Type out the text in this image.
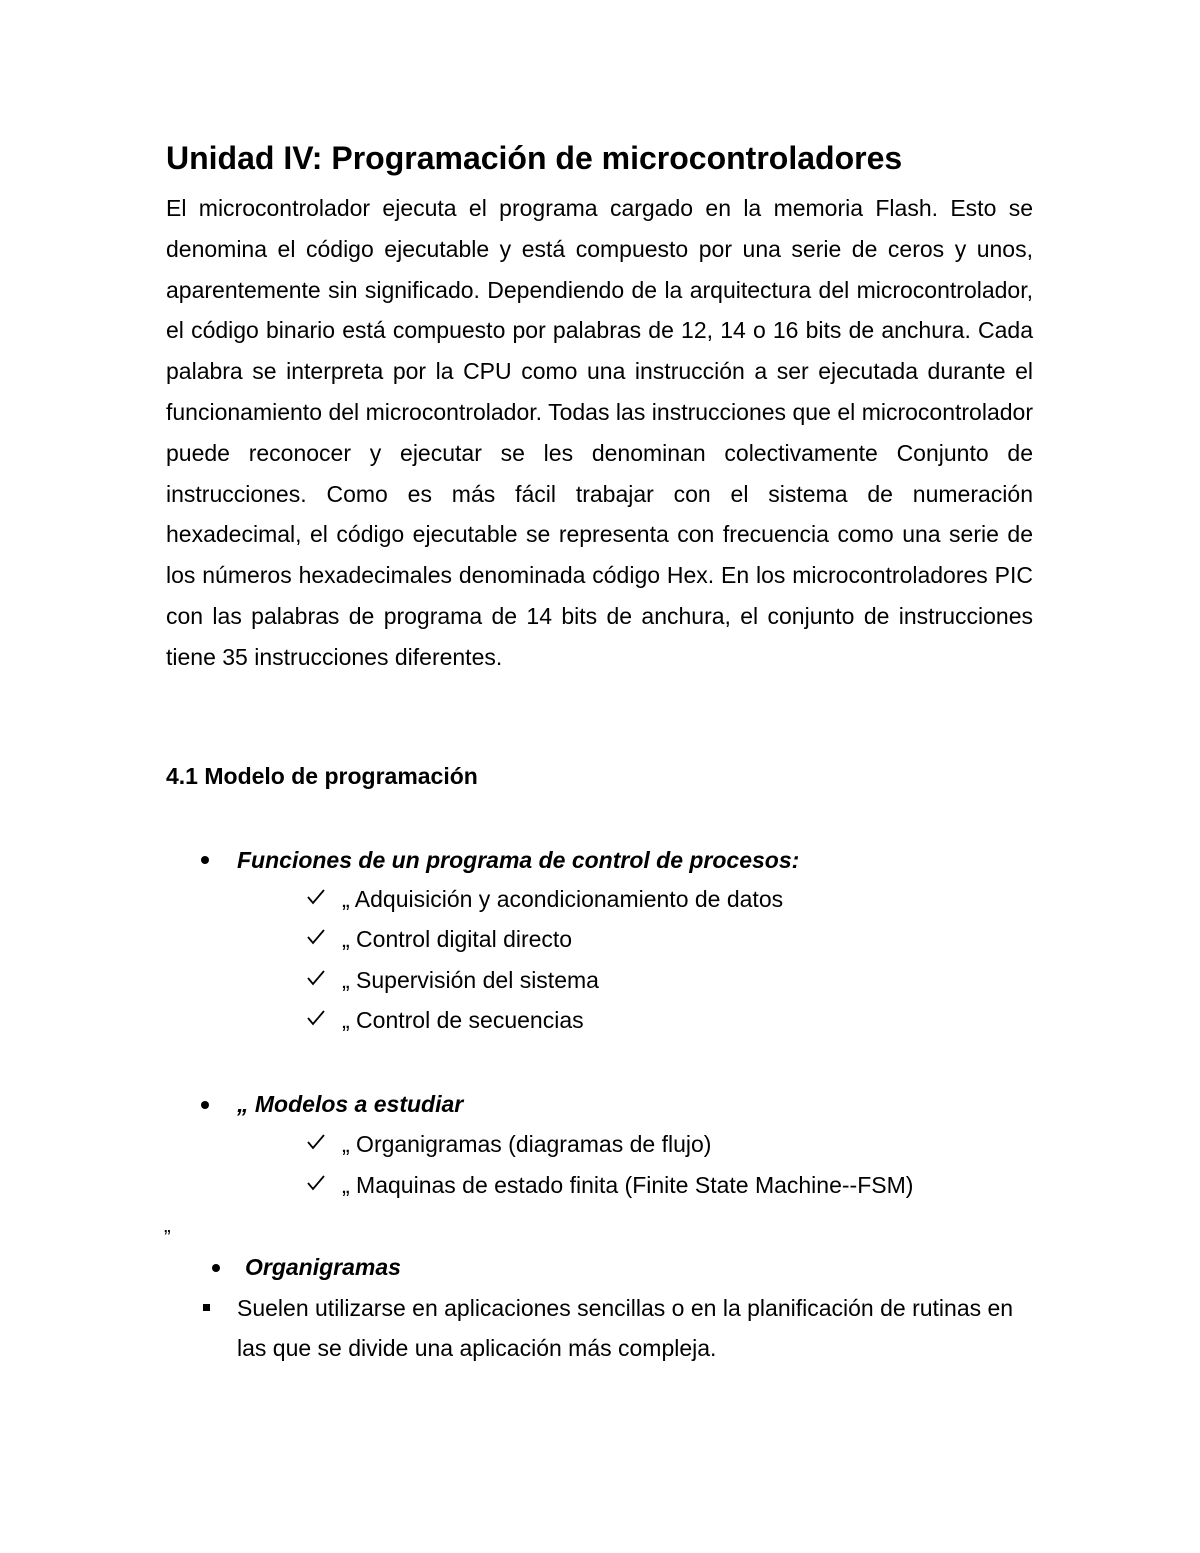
Unidad IV: Programación de microcontroladores

El microcontrolador ejecuta el programa cargado en la memoria Flash. Esto se denomina el código ejecutable y está compuesto por una serie de ceros y unos, aparentemente sin significado. Dependiendo de la arquitectura del microcontrolador, el código binario está compuesto por palabras de 12, 14 o 16 bits de anchura. Cada palabra se interpreta por la CPU como una instrucción a ser ejecutada durante el funcionamiento del microcontrolador. Todas las instrucciones que el microcontrolador puede reconocer y ejecutar se les denominan colectivamente Conjunto de instrucciones. Como es más fácil trabajar con el sistema de numeración hexadecimal, el código ejecutable se representa con frecuencia como una serie de los números hexadecimales denominada código Hex. En los microcontroladores PIC con las palabras de programa de 14 bits de anchura, el conjunto de instrucciones tiene 35 instrucciones diferentes.

4.1 Modelo de programación

Funciones de un programa de control de procesos:

„ Adquisición y acondicionamiento de datos

„ Control digital directo

„ Supervisión del sistema

„ Control de secuencias

„ Modelos a estudiar

„ Organigramas (diagramas de flujo)

„ Maquinas de estado finita (Finite State Machine--FSM)

„

Organigramas

Suelen utilizarse en aplicaciones sencillas o en la planificación de rutinas en las que se divide una aplicación más compleja.
